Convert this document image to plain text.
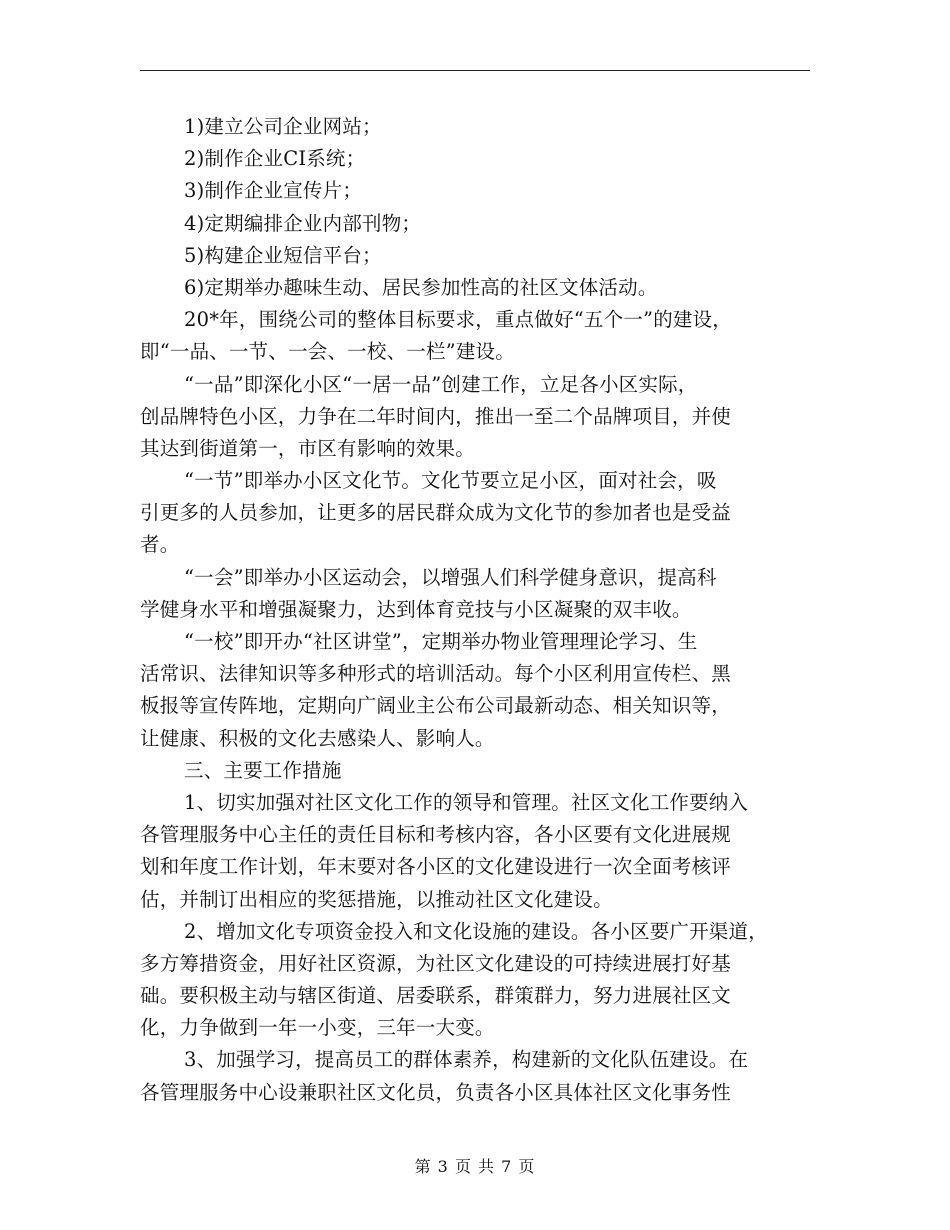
1)建立公司企业网站；
2)制作企业CI系统；
3)制作企业宣传片；
4)定期编排企业内部刊物；
5)构建企业短信平台；
6)定期举办趣味生动、居民参加性高的社区文体活动。
20*年，围绕公司的整体目标要求，重点做好“五个一”的建设，
即“一品、一节、一会、一校、一栏”建设。
“一品”即深化小区“一居一品”创建工作，立足各小区实际，
创品牌特色小区，力争在二年时间内，推出一至二个品牌项目，并使
其达到街道第一，市区有影响的效果。
“一节”即举办小区文化节。文化节要立足小区，面对社会，吸
引更多的人员参加，让更多的居民群众成为文化节的参加者也是受益
者。
“一会”即举办小区运动会，以增强人们科学健身意识，提高科
学健身水平和增强凝聚力，达到体育竞技与小区凝聚的双丰收。
“一校”即开办“社区讲堂”，定期举办物业管理理论学习、生
活常识、法律知识等多种形式的培训活动。每个小区利用宣传栏、黑
板报等宣传阵地，定期向广阔业主公布公司最新动态、相关知识等，
让健康、积极的文化去感染人、影响人。
三、主要工作措施
1、切实加强对社区文化工作的领导和管理。社区文化工作要纳入
各管理服务中心主任的责任目标和考核内容，各小区要有文化进展规
划和年度工作计划，年末要对各小区的文化建设进行一次全面考核评
估，并制订出相应的奖惩措施，以推动社区文化建设。
2、增加文化专项资金投入和文化设施的建设。各小区要广开渠道，
多方筹措资金，用好社区资源，为社区文化建设的可持续进展打好基
础。要积极主动与辖区街道、居委联系，群策群力，努力进展社区文
化，力争做到一年一小变，三年一大变。
3、加强学习，提高员工的群体素养，构建新的文化队伍建设。在
各管理服务中心设兼职社区文化员，负责各小区具体社区文化事务性
第 3 页 共 7 页
